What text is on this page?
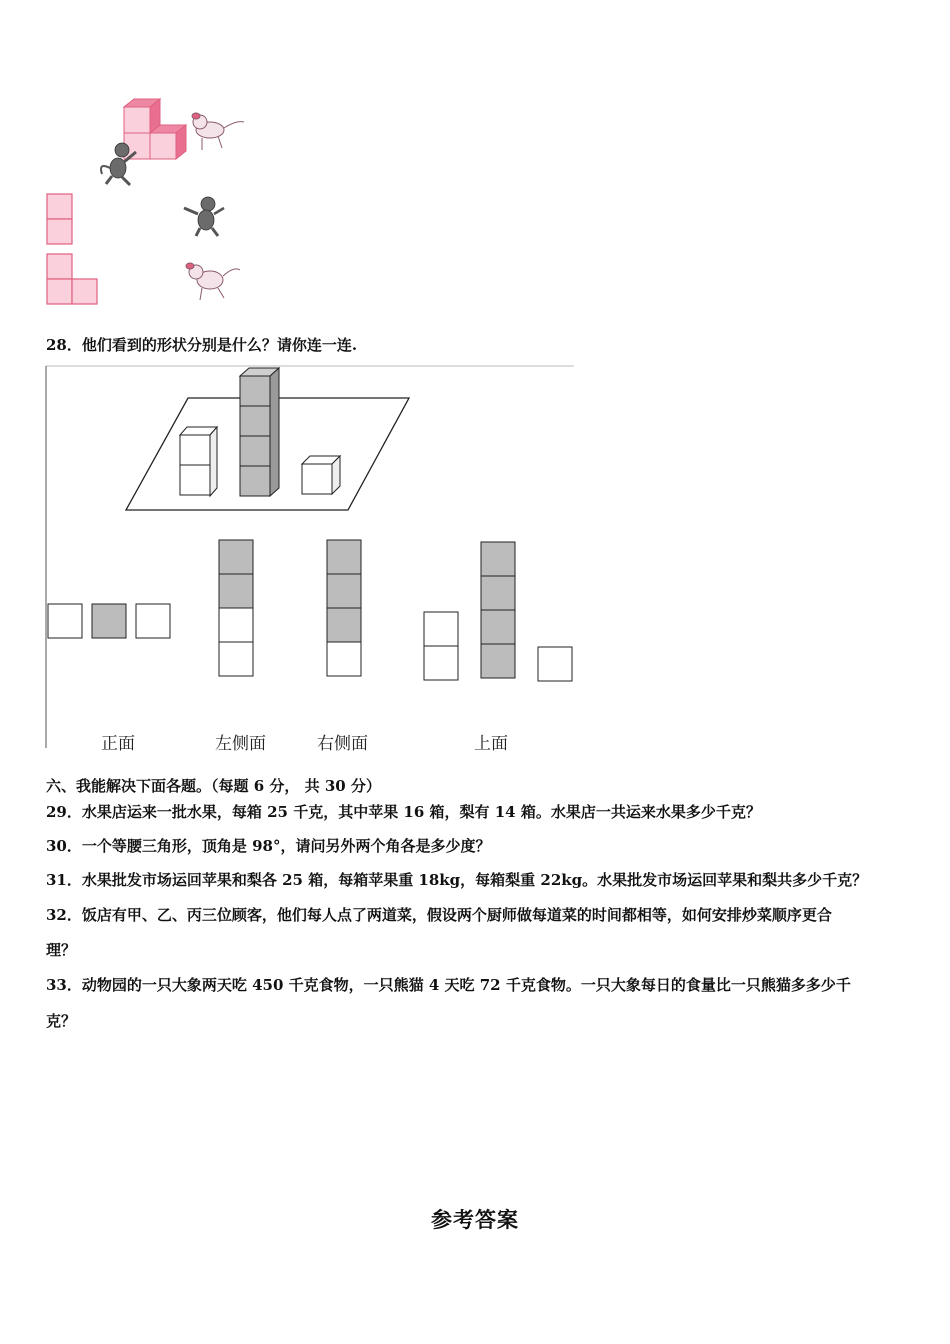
28．他们看到的形状分别是什么？请你连一连.
正面	左侧面	右侧面	上面
六、我能解决下面各题。（每题 6 分， 共 30 分）
29．水果店运来一批水果，每箱 25 千克，其中苹果 16 箱，梨有 14 箱。水果店一共运来水果多少千克？
30．一个等腰三角形，顶角是 98°，请问另外两个角各是多少度？
31．水果批发市场运回苹果和梨各 25 箱，每箱苹果重 18kg，每箱梨重 22kg。水果批发市场运回苹果和梨共多少千克？
32．饭店有甲、乙、丙三位顾客，他们每人点了两道菜，假设两个厨师做每道菜的时间都相等，如何安排炒菜顺序更合
理？
33．动物园的一只大象两天吃 450 千克食物，一只熊猫 4 天吃 72 千克食物。一只大象每日的食量比一只熊猫多多少千
克？
参考答案
